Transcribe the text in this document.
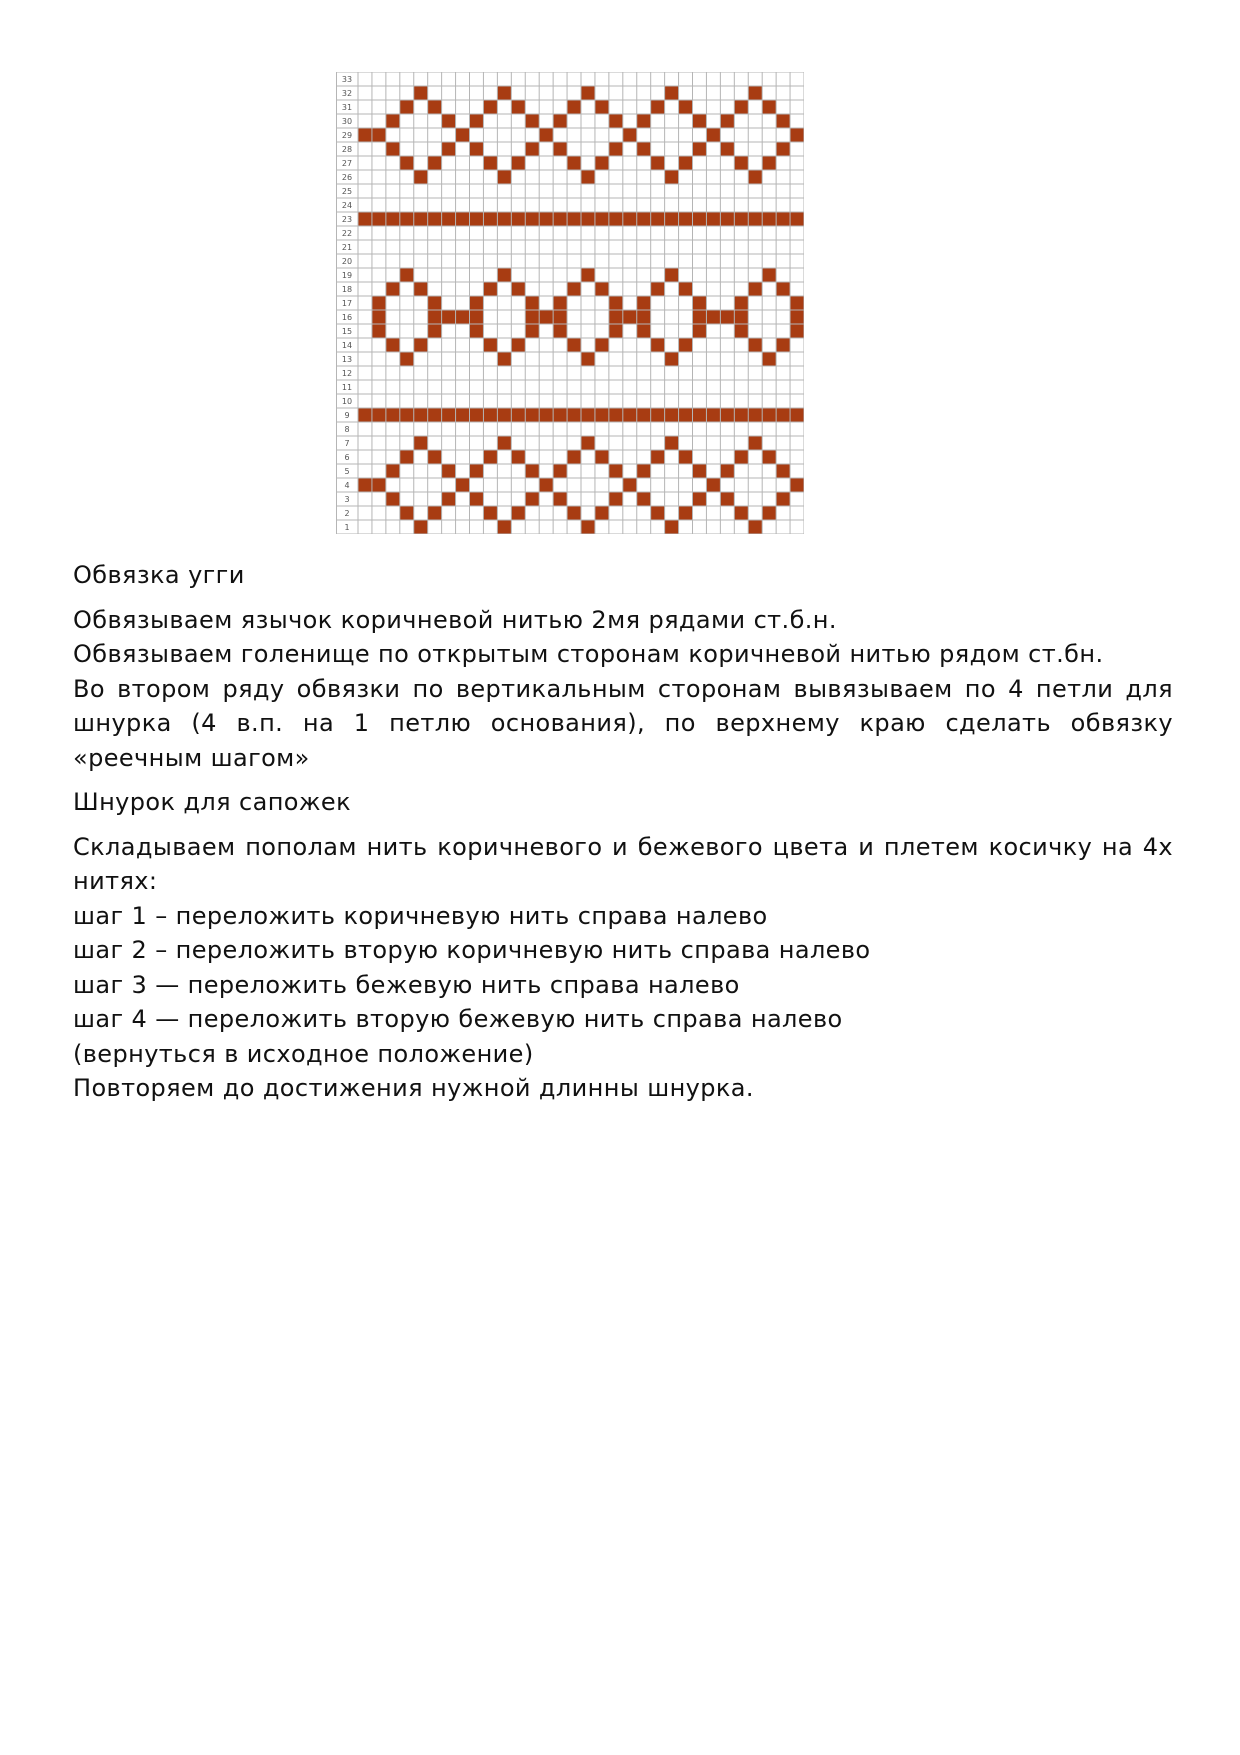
1
2
3
4
5
6
7
8
9
10
11
12
13
14
15
16
17
18
19
20
21
22
23
24
25
26
27
28
29
30
31
32
33

Обвязка угги

Обвязываем язычок коричневой нитью 2мя рядами ст.б.н.

Обвязываем голенище по открытым сторонам коричневой нитью рядом ст.бн.

Во втором ряду обвязки по вертикальным сторонам вывязываем по 4 петли для шнурка (4 в.п. на 1 петлю основания), по верхнему краю сделать обвязку «реечным шагом»

Шнурок для сапожек

Складываем пополам нить коричневого и бежевого цвета и плетем косичку на 4х нитях:

шаг 1 – переложить коричневую нить справа налево

шаг 2 – переложить вторую коричневую нить справа налево

шаг 3 — переложить бежевую нить справа налево

шаг 4 — переложить вторую бежевую нить справа налево

(вернуться в исходное положение)

Повторяем до достижения нужной длинны шнурка.
